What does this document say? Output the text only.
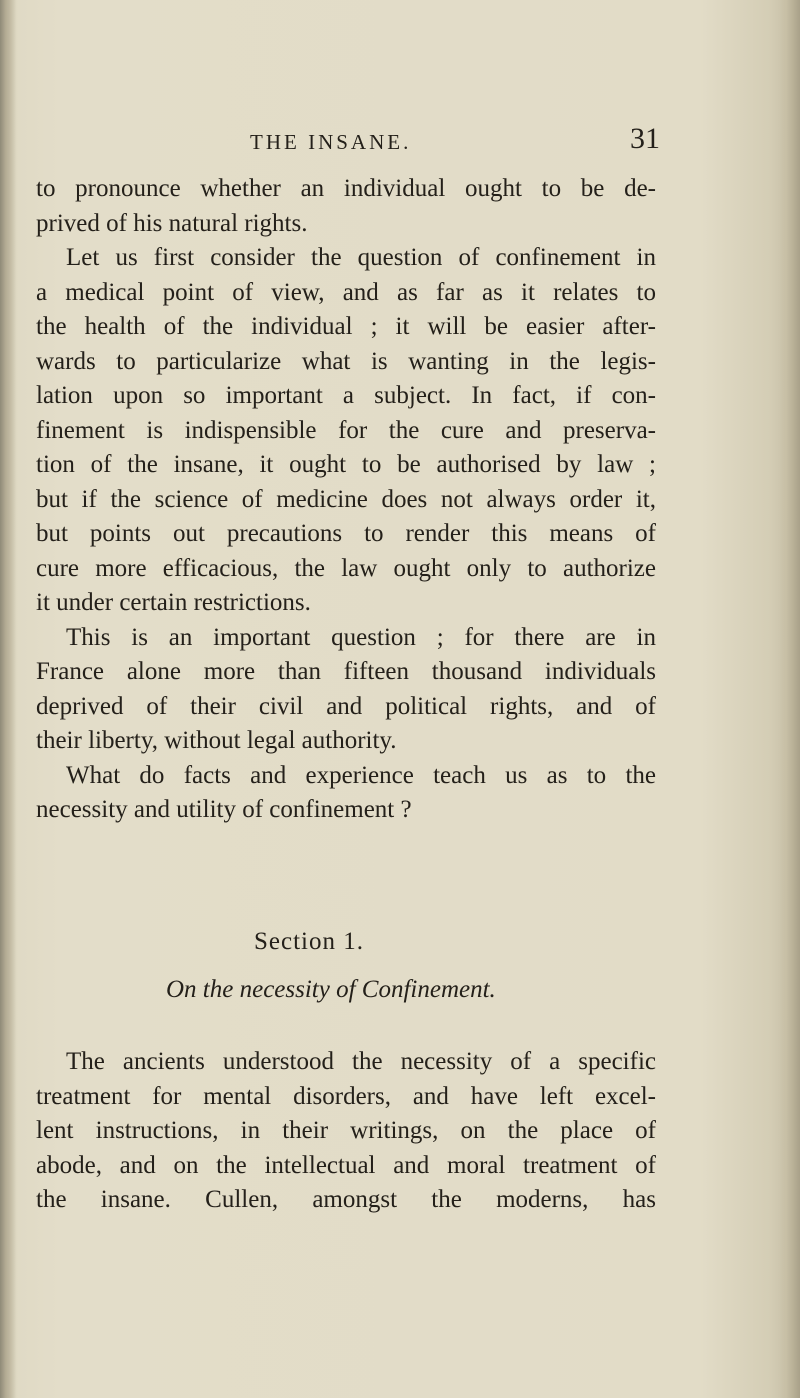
THE INSANE.	31
to pronounce whether an individual ought to be de-
prived of his natural rights.
Let us first consider the question of confinement in
a medical point of view, and as far as it relates to
the health of the individual ; it will be easier after-
wards to particularize what is wanting in the legis-
lation upon so important a subject. In fact, if con-
finement is indispensible for the cure and preserva-
tion of the insane, it ought to be authorised by law ;
but if the science of medicine does not always order it,
but points out precautions to render this means of
cure more efficacious, the law ought only to authorize
it under certain restrictions.
This is an important question ; for there are in
France alone more than fifteen thousand individuals
deprived of their civil and political rights, and of
their liberty, without legal authority.
What do facts and experience teach us as to the
necessity and utility of confinement ?
Section 1.
On the necessity of Confinement.
The ancients understood the necessity of a specific
treatment for mental disorders, and have left excel-
lent instructions, in their writings, on the place of
abode, and on the intellectual and moral treatment of
the insane. Cullen, amongst the moderns, has
